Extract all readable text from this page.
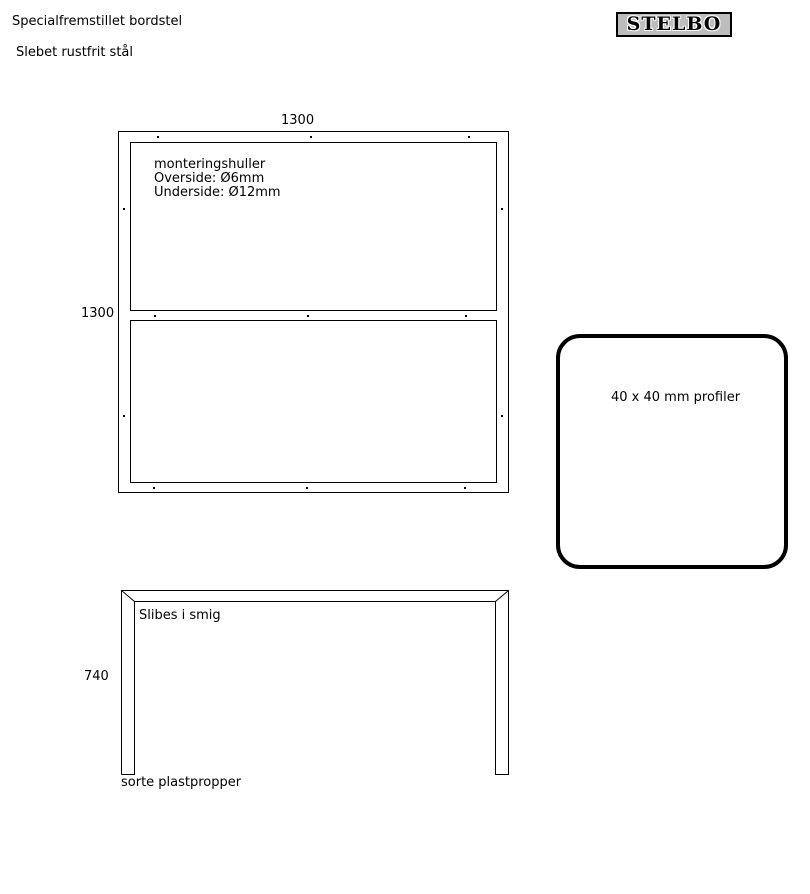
Specialfremstillet bordstel
Slebet rustfrit stål
STELBO
1300
1300
monteringshuller
Overside: Ø6mm
Underside: Ø12mm
40 x 40 mm profiler
740
Slibes i smig
sorte plastpropper
